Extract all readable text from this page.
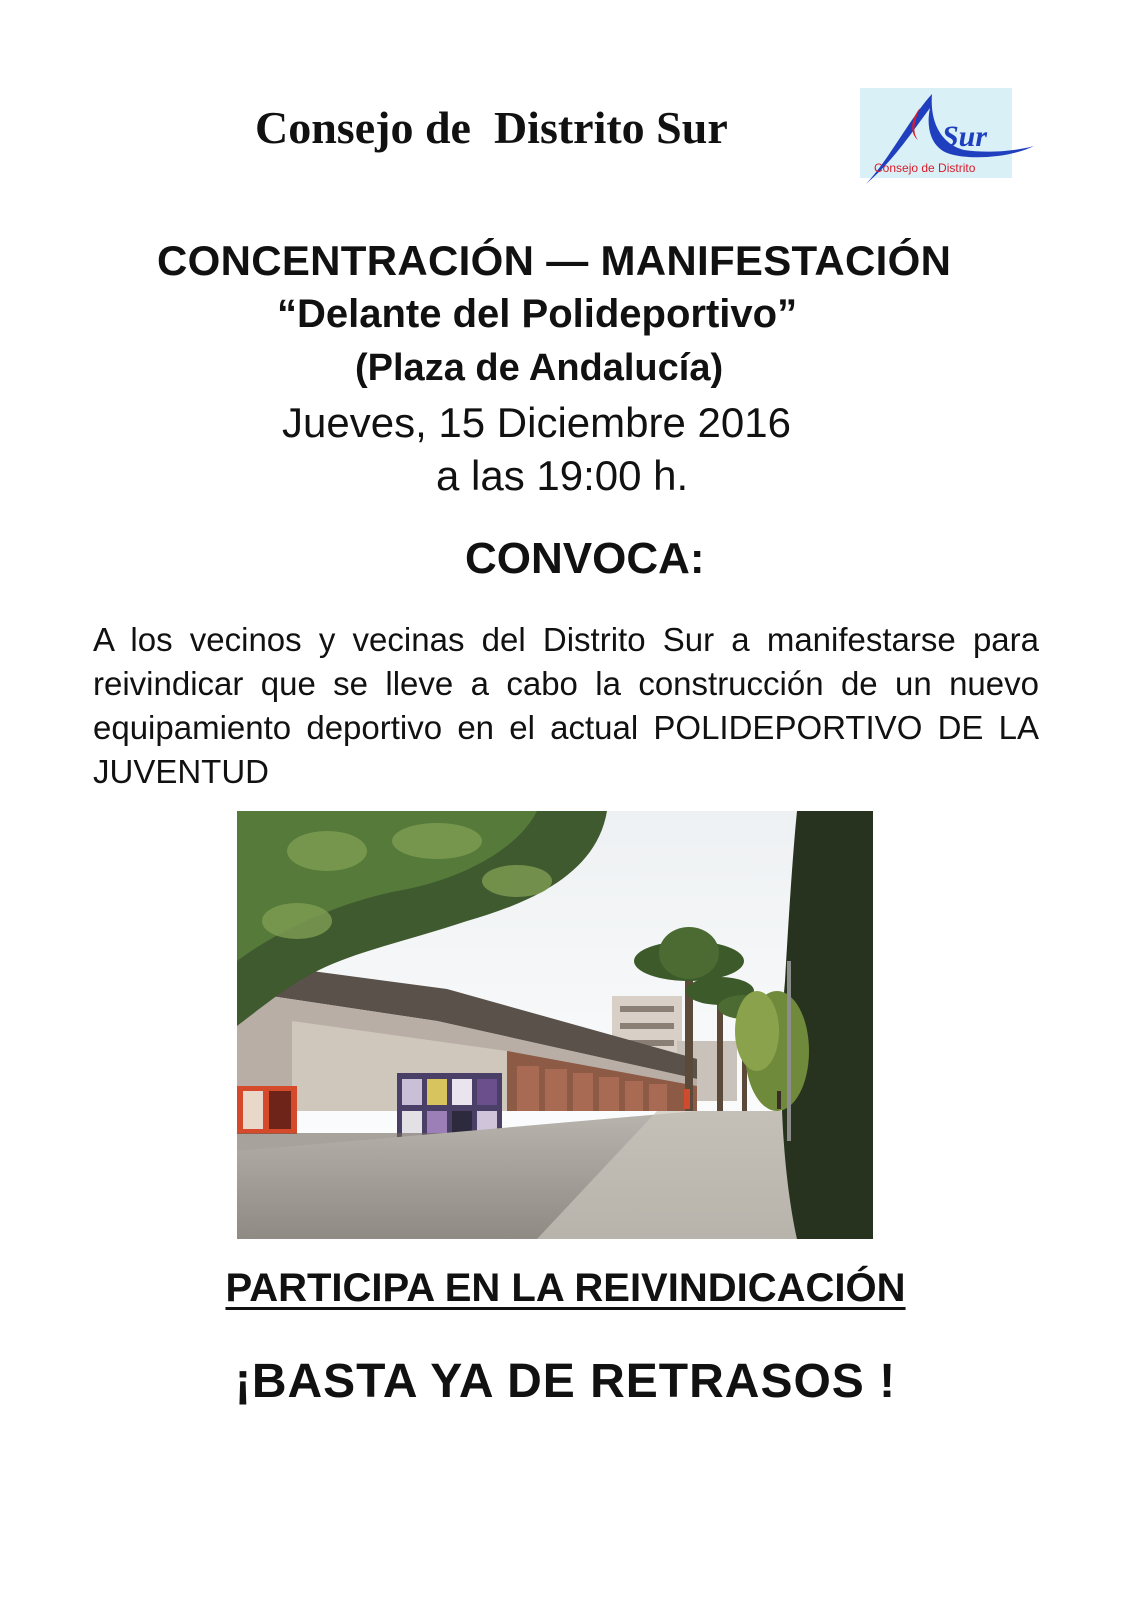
Consejo de  Distrito Sur	Sur
Consejo de Distrito
CONCENTRACIÓN — MANIFESTACIÓN
“Delante del Polideportivo”
(Plaza de Andalucía)
Jueves, 15 Diciembre 2016
a las 19:00 h.
CONVOCA:
A los vecinos y vecinas del Distrito Sur a manifestarse para reivindicar que se lleve a cabo la construcción de un nuevo equipamiento deportivo en el actual POLIDEPORTIVO DE LA JUVENTUD
PARTICIPA EN LA REIVINDICACIÓN
¡BASTA YA DE RETRASOS !
